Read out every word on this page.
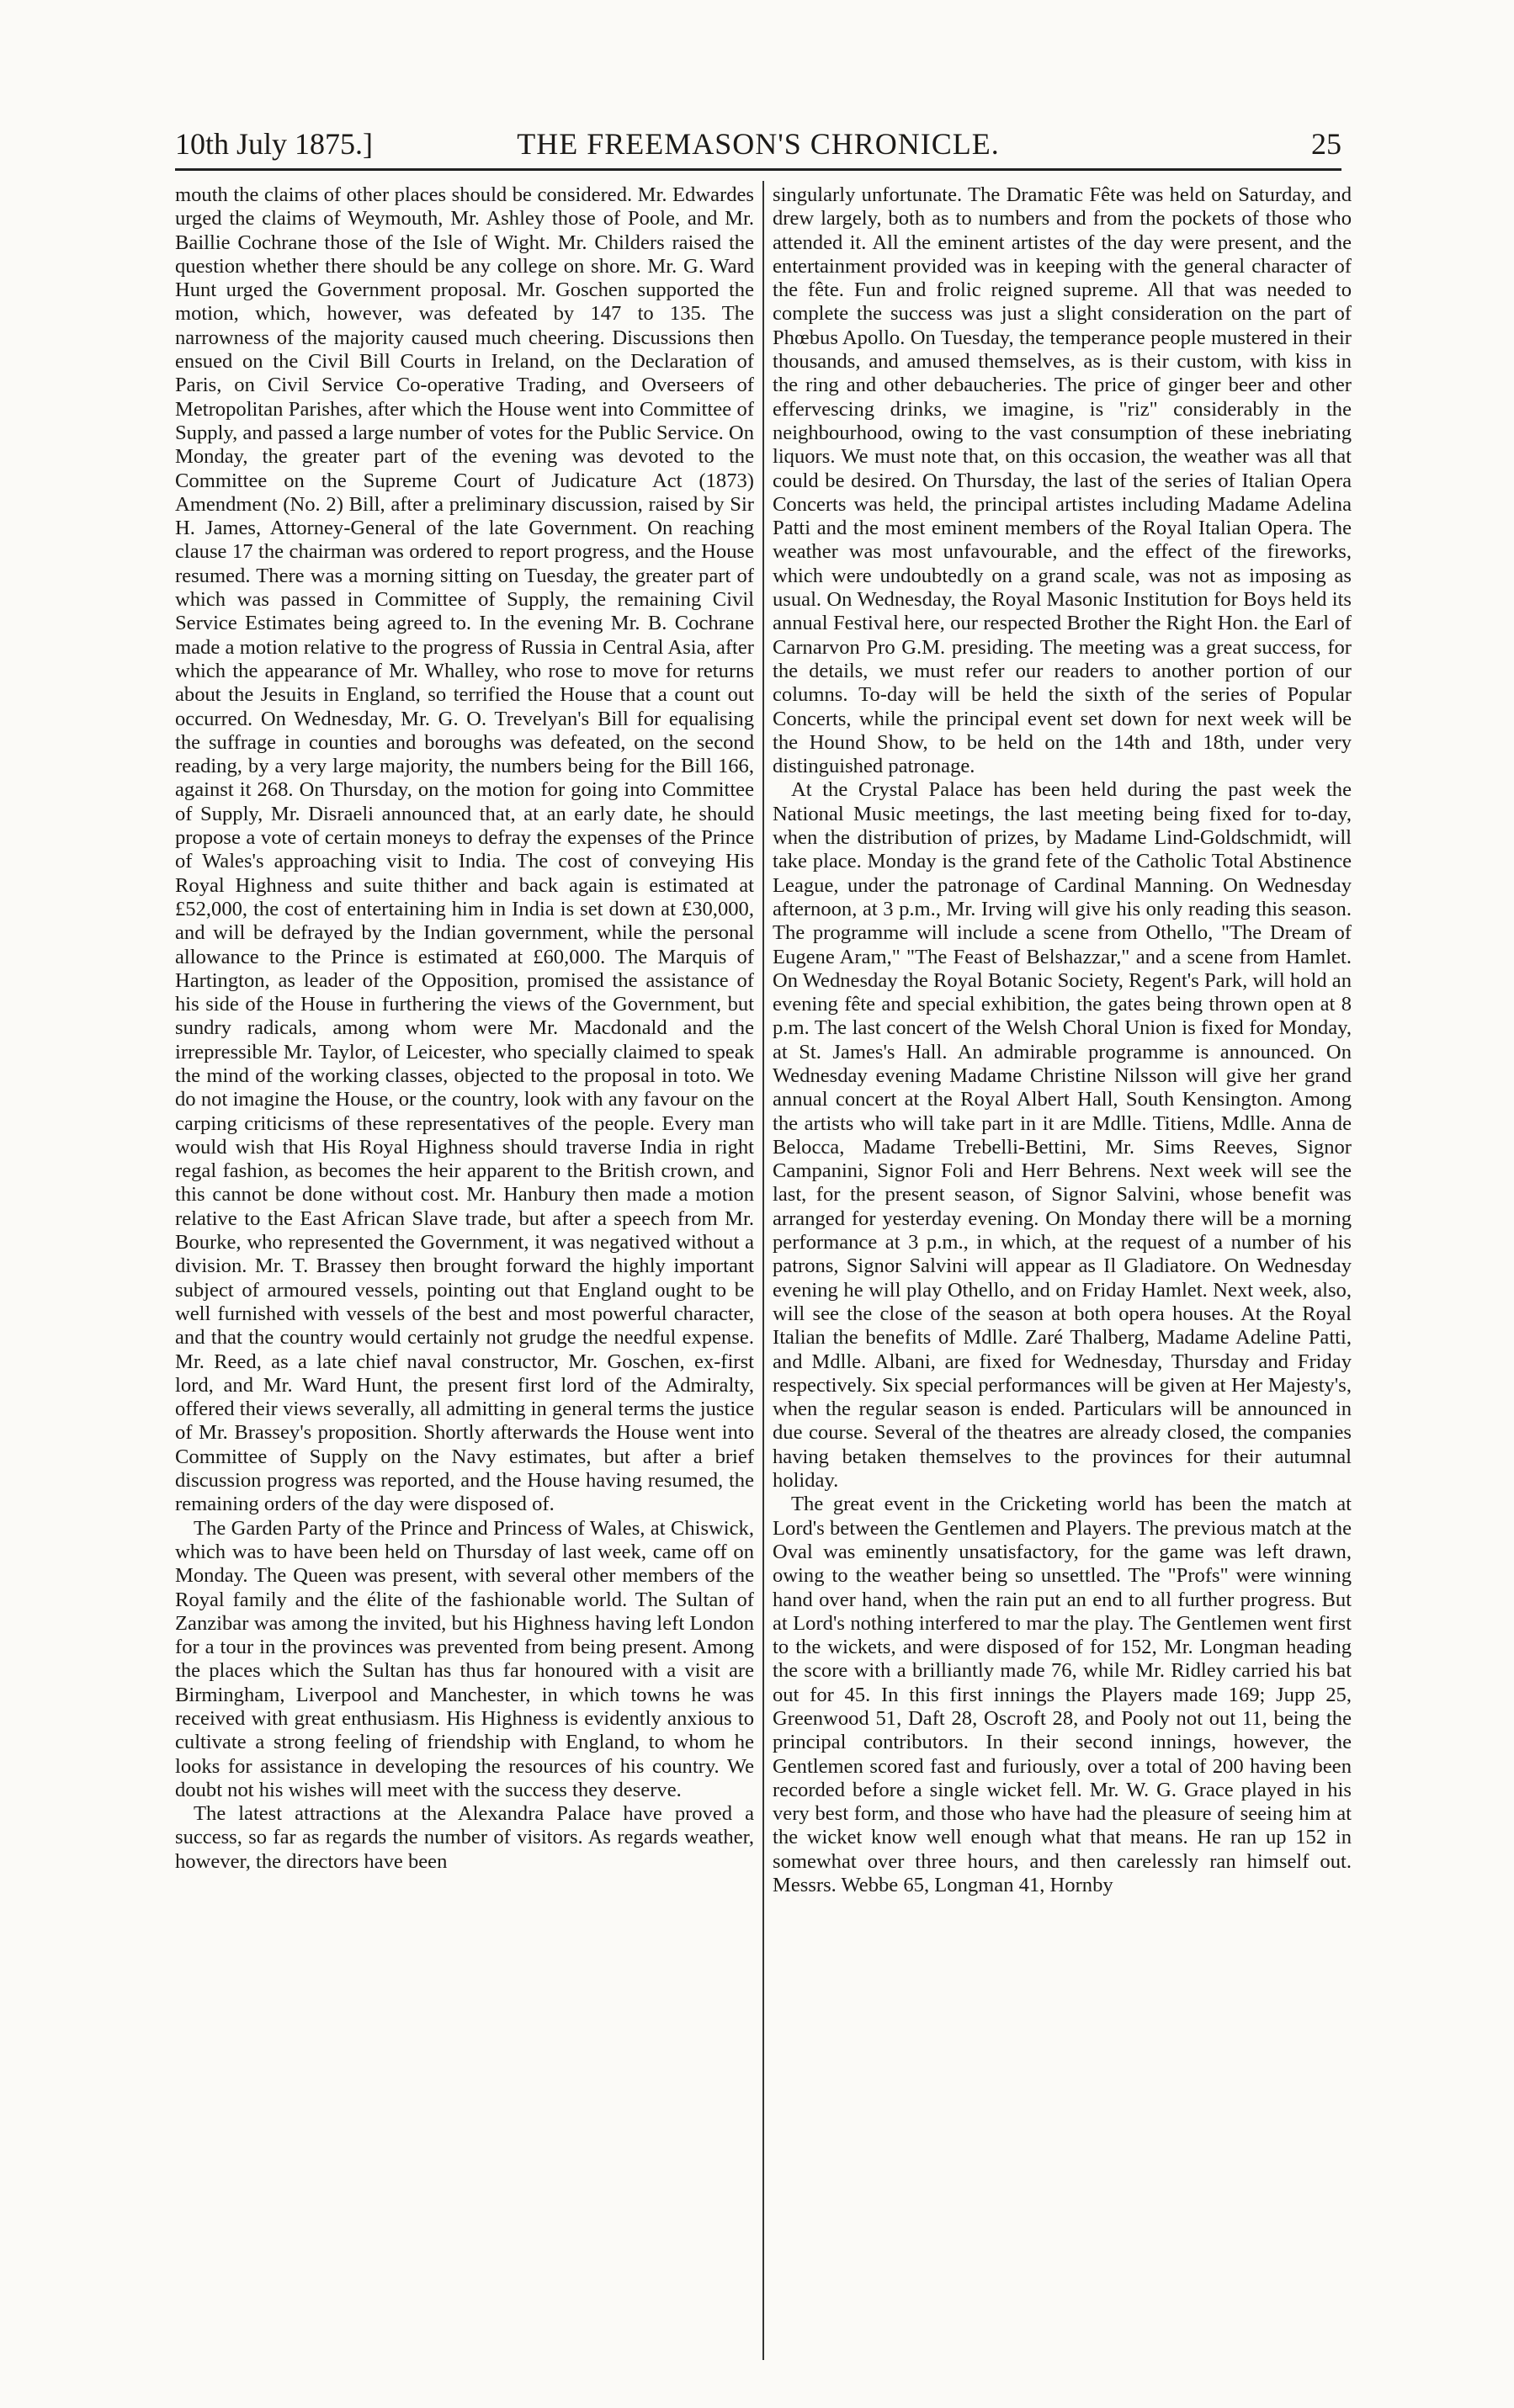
10th July 1875.]	THE FREEMASON'S CHRONICLE.	25

mouth the claims of other places should be considered. Mr. Edwardes urged the claims of Weymouth, Mr. Ashley those of Poole, and Mr. Baillie Cochrane those of the Isle of Wight. Mr. Childers raised the question whether there should be any college on shore. Mr. G. Ward Hunt urged the Government proposal. Mr. Goschen supported the motion, which, however, was defeated by 147 to 135. The narrowness of the majority caused much cheering. Discussions then ensued on the Civil Bill Courts in Ireland, on the Declaration of Paris, on Civil Service Co-operative Trading, and Overseers of Metropolitan Parishes, after which the House went into Committee of Supply, and passed a large number of votes for the Public Service. On Monday, the greater part of the evening was devoted to the Committee on the Supreme Court of Judicature Act (1873) Amendment (No. 2) Bill, after a preliminary discussion, raised by Sir H. James, Attorney-General of the late Government. On reaching clause 17 the chairman was ordered to report progress, and the House resumed. There was a morning sitting on Tuesday, the greater part of which was passed in Committee of Supply, the remaining Civil Service Estimates being agreed to. In the evening Mr. B. Cochrane made a motion relative to the progress of Russia in Central Asia, after which the appearance of Mr. Whalley, who rose to move for returns about the Jesuits in England, so terrified the House that a count out occurred. On Wednesday, Mr. G. O. Trevelyan's Bill for equalising the suffrage in counties and boroughs was defeated, on the second reading, by a very large majority, the numbers being for the Bill 166, against it 268. On Thursday, on the motion for going into Committee of Supply, Mr. Disraeli announced that, at an early date, he should propose a vote of certain moneys to defray the expenses of the Prince of Wales's approaching visit to India. The cost of conveying His Royal Highness and suite thither and back again is estimated at £52,000, the cost of entertaining him in India is set down at £30,000, and will be defrayed by the Indian government, while the personal allowance to the Prince is estimated at £60,000. The Marquis of Hartington, as leader of the Opposition, promised the assistance of his side of the House in furthering the views of the Government, but sundry radicals, among whom were Mr. Macdonald and the irrepressible Mr. Taylor, of Leicester, who specially claimed to speak the mind of the working classes, objected to the proposal in toto. We do not imagine the House, or the country, look with any favour on the carping criticisms of these representatives of the people. Every man would wish that His Royal Highness should traverse India in right regal fashion, as becomes the heir apparent to the British crown, and this cannot be done without cost. Mr. Hanbury then made a motion relative to the East African Slave trade, but after a speech from Mr. Bourke, who represented the Government, it was negatived without a division. Mr. T. Brassey then brought forward the highly important subject of armoured vessels, pointing out that England ought to be well furnished with vessels of the best and most powerful character, and that the country would certainly not grudge the needful expense. Mr. Reed, as a late chief naval constructor, Mr. Goschen, ex-first lord, and Mr. Ward Hunt, the present first lord of the Admiralty, offered their views severally, all admitting in general terms the justice of Mr. Brassey's proposition. Shortly afterwards the House went into Committee of Supply on the Navy estimates, but after a brief discussion progress was reported, and the House having resumed, the remaining orders of the day were disposed of.

The Garden Party of the Prince and Princess of Wales, at Chiswick, which was to have been held on Thursday of last week, came off on Monday. The Queen was present, with several other members of the Royal family and the élite of the fashionable world. The Sultan of Zanzibar was among the invited, but his Highness having left London for a tour in the provinces was prevented from being present. Among the places which the Sultan has thus far honoured with a visit are Birmingham, Liverpool and Manchester, in which towns he was received with great enthusiasm. His Highness is evidently anxious to cultivate a strong feeling of friendship with England, to whom he looks for assistance in developing the resources of his country. We doubt not his wishes will meet with the success they deserve.

The latest attractions at the Alexandra Palace have proved a success, so far as regards the number of visitors. As regards weather, however, the directors have been

singularly unfortunate. The Dramatic Fête was held on Saturday, and drew largely, both as to numbers and from the pockets of those who attended it. All the eminent artistes of the day were present, and the entertainment provided was in keeping with the general character of the fête. Fun and frolic reigned supreme. All that was needed to complete the success was just a slight consideration on the part of Phœbus Apollo. On Tuesday, the temperance people mustered in their thousands, and amused themselves, as is their custom, with kiss in the ring and other debaucheries. The price of ginger beer and other effervescing drinks, we imagine, is "riz" considerably in the neighbourhood, owing to the vast consumption of these inebriating liquors. We must note that, on this occasion, the weather was all that could be desired. On Thursday, the last of the series of Italian Opera Concerts was held, the principal artistes including Madame Adelina Patti and the most eminent members of the Royal Italian Opera. The weather was most unfavourable, and the effect of the fireworks, which were undoubtedly on a grand scale, was not as imposing as usual. On Wednesday, the Royal Masonic Institution for Boys held its annual Festival here, our respected Brother the Right Hon. the Earl of Carnarvon Pro G.M. presiding. The meeting was a great success, for the details, we must refer our readers to another portion of our columns. To-day will be held the sixth of the series of Popular Concerts, while the principal event set down for next week will be the Hound Show, to be held on the 14th and 18th, under very distinguished patronage.

At the Crystal Palace has been held during the past week the National Music meetings, the last meeting being fixed for to-day, when the distribution of prizes, by Madame Lind-Goldschmidt, will take place. Monday is the grand fete of the Catholic Total Abstinence League, under the patronage of Cardinal Manning. On Wednesday afternoon, at 3 p.m., Mr. Irving will give his only reading this season. The programme will include a scene from Othello, "The Dream of Eugene Aram," "The Feast of Belshazzar," and a scene from Hamlet. On Wednesday the Royal Botanic Society, Regent's Park, will hold an evening fête and special exhibition, the gates being thrown open at 8 p.m. The last concert of the Welsh Choral Union is fixed for Monday, at St. James's Hall. An admirable programme is announced. On Wednesday evening Madame Christine Nilsson will give her grand annual concert at the Royal Albert Hall, South Kensington. Among the artists who will take part in it are Mdlle. Titiens, Mdlle. Anna de Belocca, Madame Trebelli-Bettini, Mr. Sims Reeves, Signor Campanini, Signor Foli and Herr Behrens. Next week will see the last, for the present season, of Signor Salvini, whose benefit was arranged for yesterday evening. On Monday there will be a morning performance at 3 p.m., in which, at the request of a number of his patrons, Signor Salvini will appear as Il Gladiatore. On Wednesday evening he will play Othello, and on Friday Hamlet. Next week, also, will see the close of the season at both opera houses. At the Royal Italian the benefits of Mdlle. Zaré Thalberg, Madame Adeline Patti, and Mdlle. Albani, are fixed for Wednesday, Thursday and Friday respectively. Six special performances will be given at Her Majesty's, when the regular season is ended. Particulars will be announced in due course. Several of the theatres are already closed, the companies having betaken themselves to the provinces for their autumnal holiday.

The great event in the Cricketing world has been the match at Lord's between the Gentlemen and Players. The previous match at the Oval was eminently unsatisfactory, for the game was left drawn, owing to the weather being so unsettled. The "Profs" were winning hand over hand, when the rain put an end to all further progress. But at Lord's nothing interfered to mar the play. The Gentlemen went first to the wickets, and were disposed of for 152, Mr. Longman heading the score with a brilliantly made 76, while Mr. Ridley carried his bat out for 45. In this first innings the Players made 169; Jupp 25, Greenwood 51, Daft 28, Oscroft 28, and Pooly not out 11, being the principal contributors. In their second innings, however, the Gentlemen scored fast and furiously, over a total of 200 having been recorded before a single wicket fell. Mr. W. G. Grace played in his very best form, and those who have had the pleasure of seeing him at the wicket know well enough what that means. He ran up 152 in somewhat over three hours, and then carelessly ran himself out. Messrs. Webbe 65, Longman 41, Hornby
